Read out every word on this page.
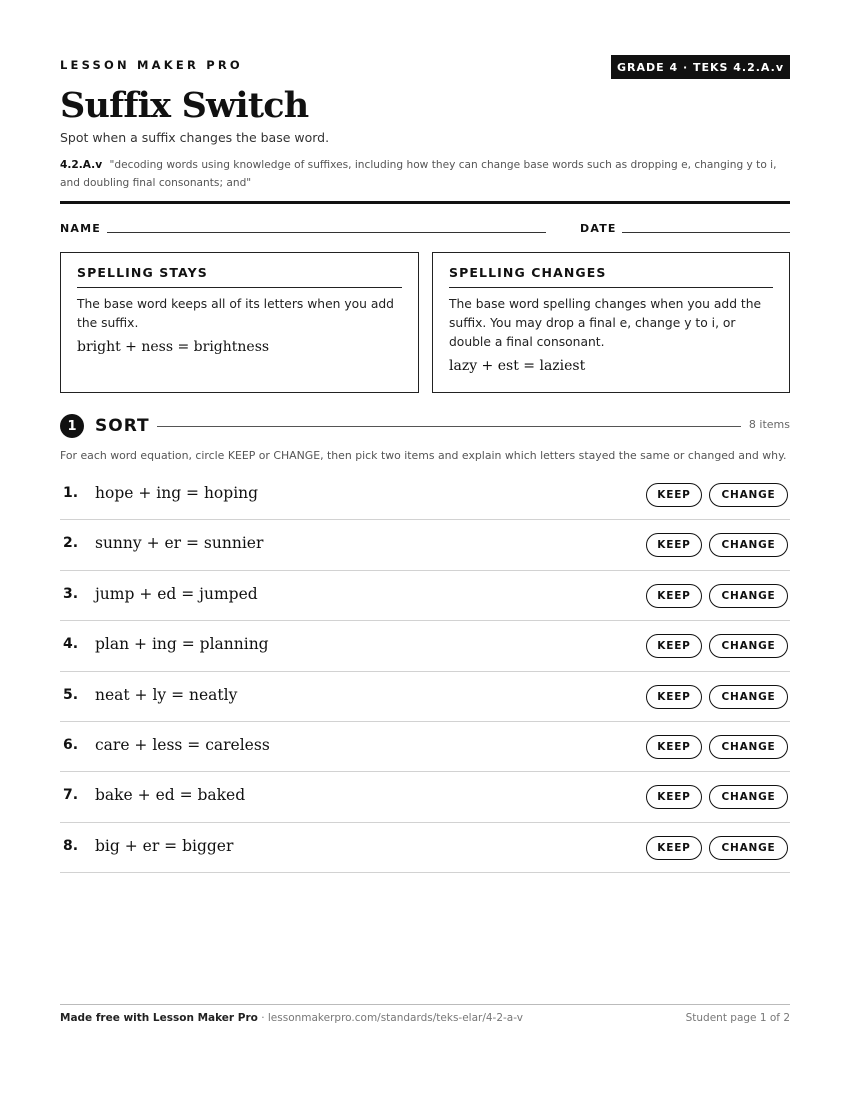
LESSON MAKER PRO	GRADE 4 · TEKS 4.2.A.v
Suffix Switch
Spot when a suffix changes the base word.
4.2.A.v "decoding words using knowledge of suffixes, including how they can change base words such as dropping e, changing y to i, and doubling final consonants; and"
NAME	DATE
SPELLING STAYS
The base word keeps all of its letters when you add the suffix.
bright + ness = brightness
SPELLING CHANGES
The base word spelling changes when you add the suffix. You may drop a final e, change y to i, or double a final consonant.
lazy + est = laziest
1	SORT	8 items
For each word equation, circle KEEP or CHANGE, then pick two items and explain which letters stayed the same or changed and why.
1. hope + ing = hoping	KEEP	CHANGE
2. sunny + er = sunnier	KEEP	CHANGE
3. jump + ed = jumped	KEEP	CHANGE
4. plan + ing = planning	KEEP	CHANGE
5. neat + ly = neatly	KEEP	CHANGE
6. care + less = careless	KEEP	CHANGE
7. bake + ed = baked	KEEP	CHANGE
8. big + er = bigger	KEEP	CHANGE
Made free with Lesson Maker Pro · lessonmakerpro.com/standards/teks-elar/4-2-a-v	Student page 1 of 2
